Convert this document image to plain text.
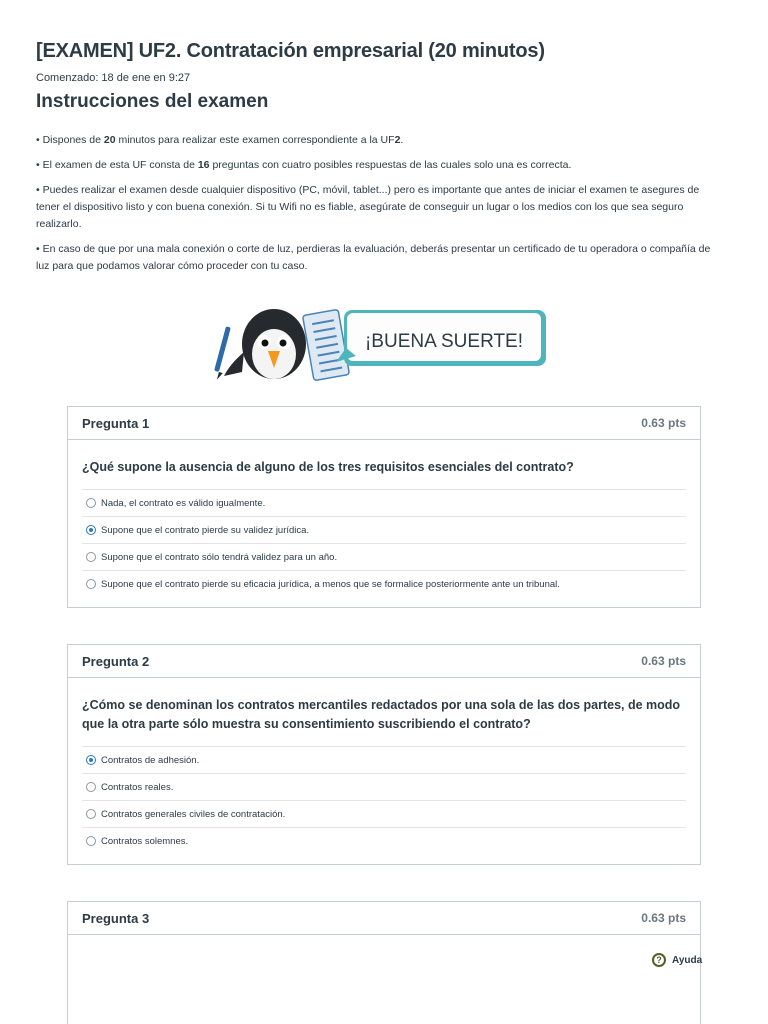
[EXAMEN] UF2. Contratación empresarial (20 minutos)
Comenzado: 18 de ene en 9:27
Instrucciones del examen

• Dispones de 20 minutos para realizar este examen correspondiente a la UF2.

• El examen de esta UF consta de 16 preguntas con cuatro posibles respuestas de las cuales solo una es correcta.

• Puedes realizar el examen desde cualquier dispositivo (PC, móvil, tablet...) pero es importante que antes de iniciar el examen te asegures de tener el dispositivo listo y con buena conexión. Si tu Wifi no es fiable, asegúrate de conseguir un lugar o los medios con los que sea seguro realizarlo.

• En caso de que por una mala conexión o corte de luz, perdieras la evaluación, deberás presentar un certificado de tu operadora o compañía de luz para que podamos valorar cómo proceder con tu caso.

¡BUENA SUERTE!
Pregunta 1	0.63 pts
¿Qué supone la ausencia de alguno de los tres requisitos esenciales del contrato?
Nada, el contrato es válido igualmente.
Supone que el contrato pierde su validez jurídica.
Supone que el contrato sólo tendrá validez para un año.
Supone que el contrato pierde su eficacia jurídica, a menos que se formalice posteriormente ante un tribunal.
Pregunta 2	0.63 pts
¿Cómo se denominan los contratos mercantiles redactados por una sola de las dos partes, de modo que la otra parte sólo muestra su consentimiento suscribiendo el contrato?
Contratos de adhesión.
Contratos reales.
Contratos generales civiles de contratación.
Contratos solemnes.
Pregunta 3	0.63 pts
?	Ayuda
